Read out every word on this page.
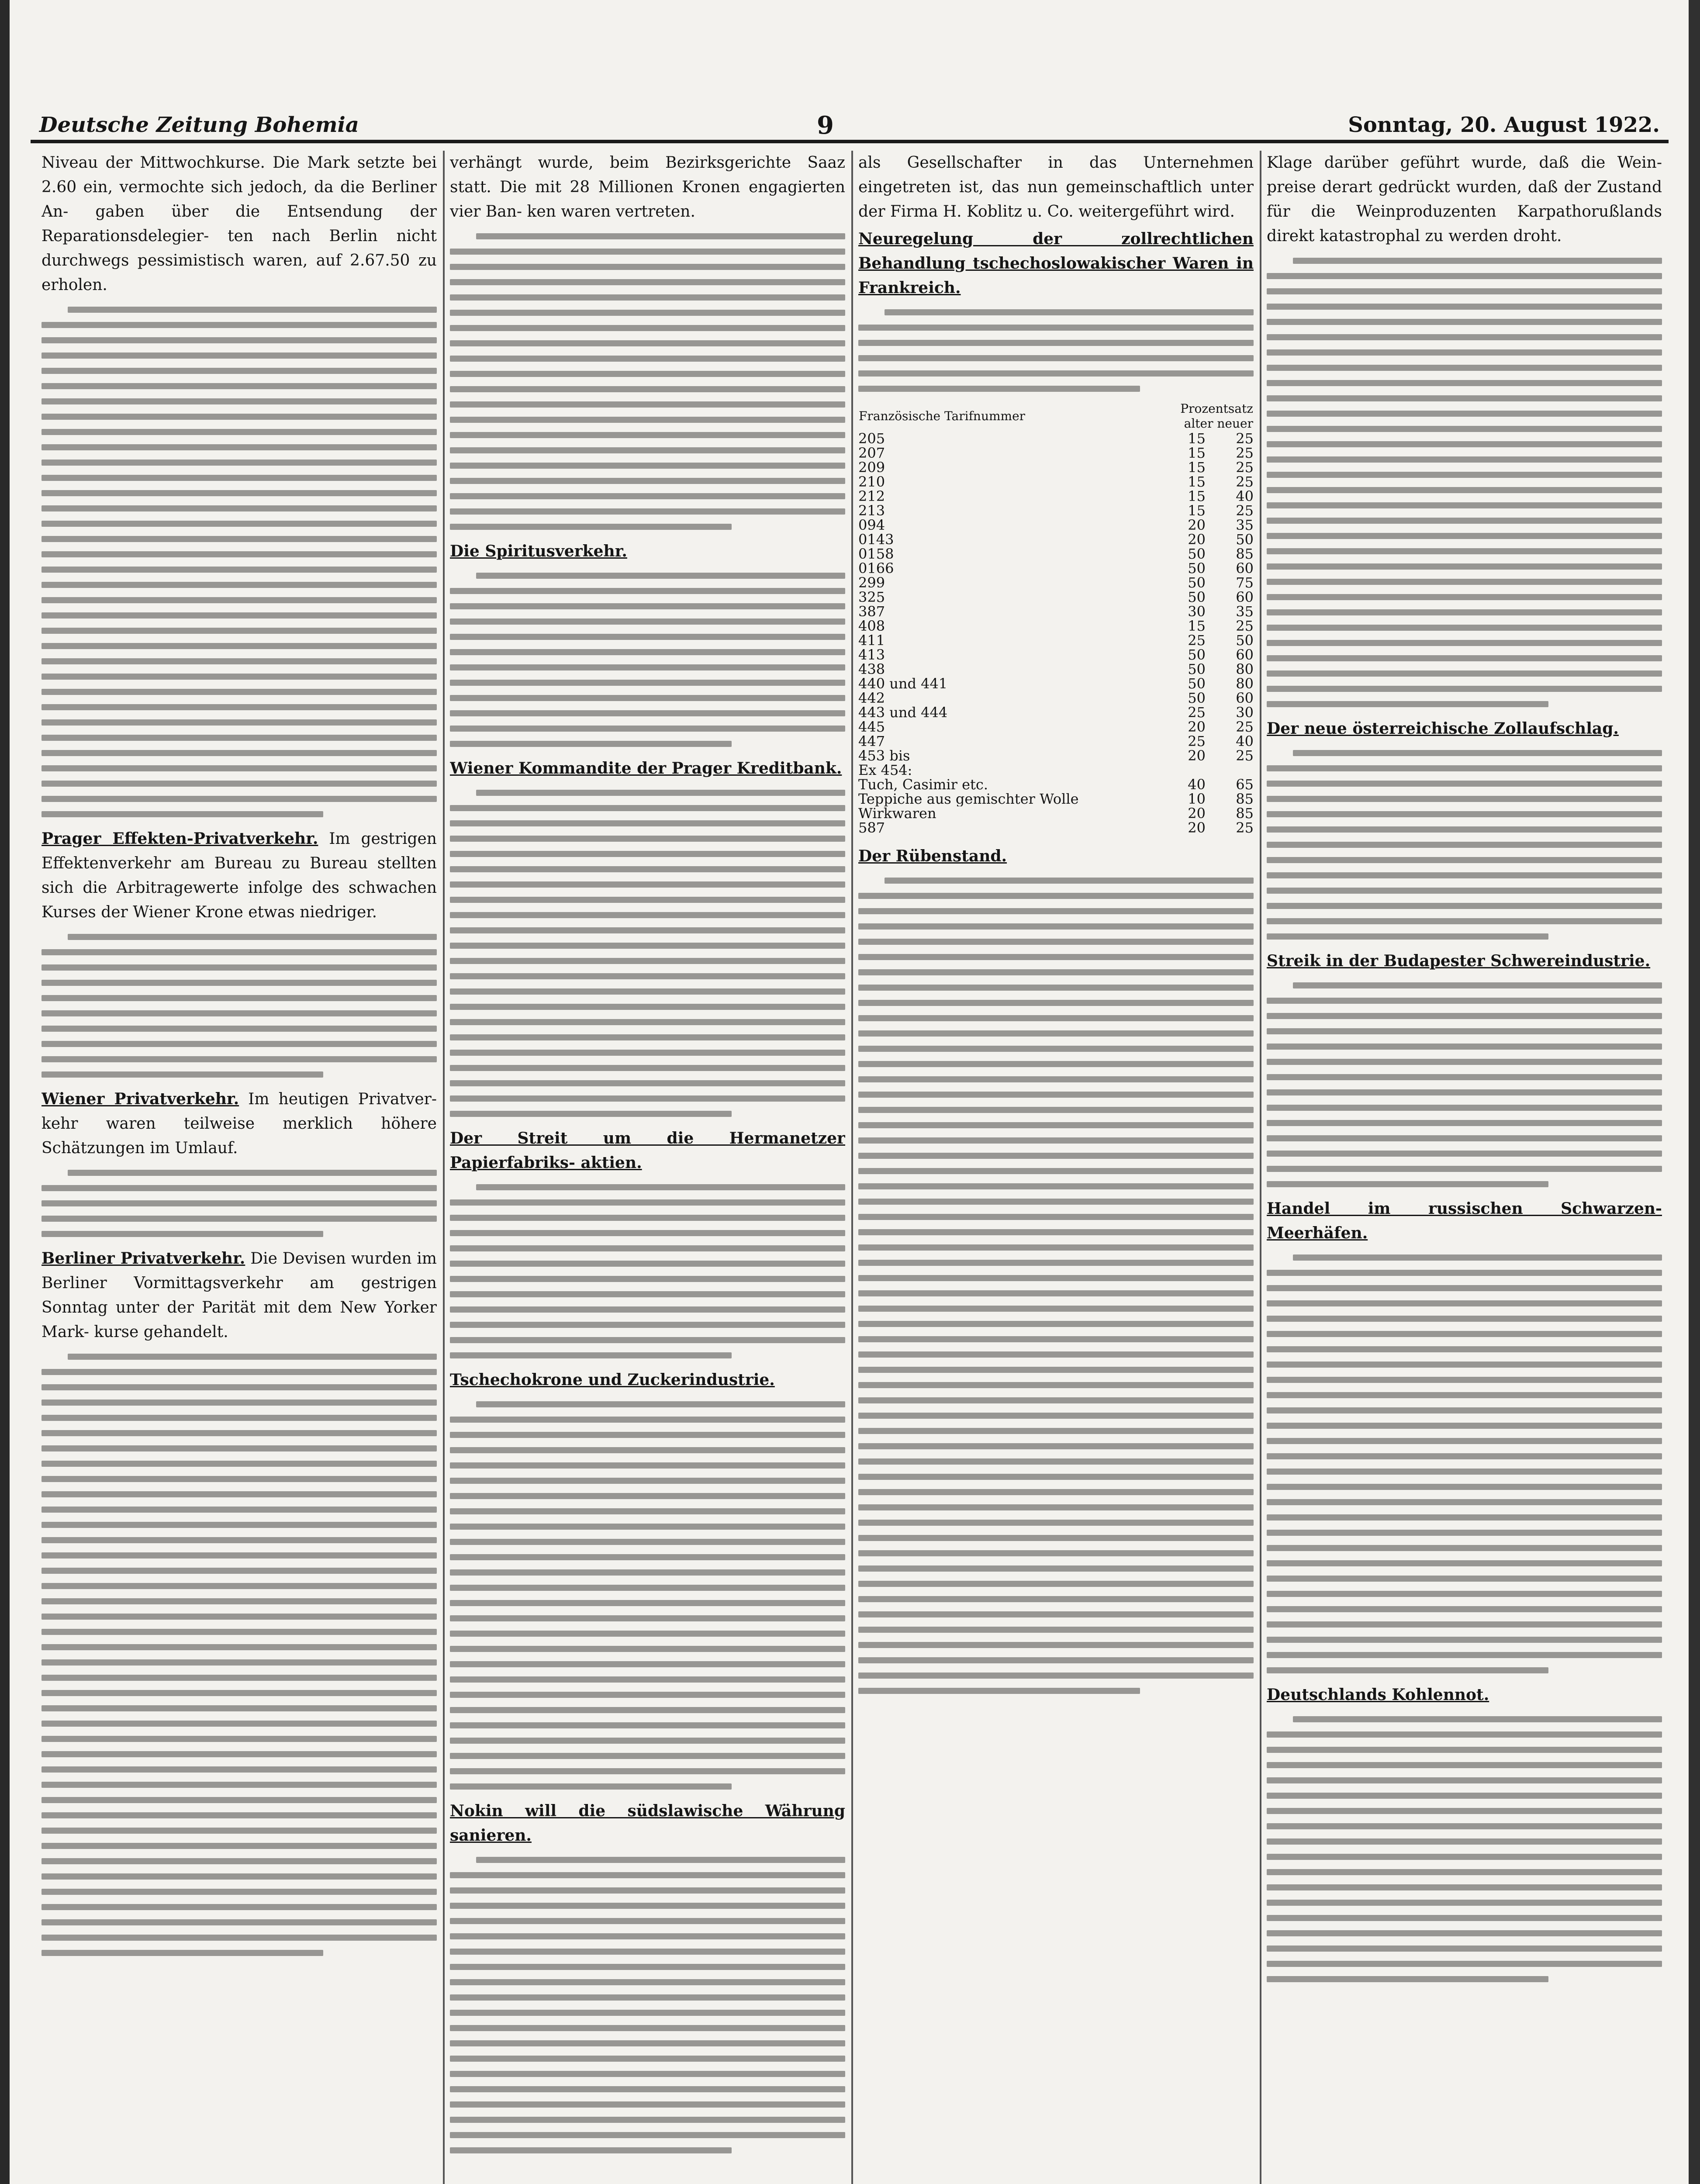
Deutsche Zeitung Bohemia	9	Sonntag, 20. August 1922.

Niveau der Mittwochkurse. Die Mark setzte bei 2.60 ein, vermochte sich jedoch, da die Berliner An- gaben über die Entsendung der Reparationsdelegier- ten nach Berlin nicht durchwegs pessimistisch waren, auf 2.67.50 zu erholen.

Prager Effekten-Privatverkehr. Im gestrigen Effektenverkehr am Bureau zu Bureau stellten sich die Arbitragewerte infolge des schwachen Kurses der Wiener Krone etwas niedriger.

Wiener Privatverkehr. Im heutigen Privatver- kehr waren teilweise merklich höhere Schätzungen im Umlauf.

Berliner Privatverkehr. Die Devisen wurden im Berliner Vormittagsverkehr am gestrigen Sonntag unter der Parität mit dem New Yorker Mark- kurse gehandelt.

verhängt wurde, beim Bezirksgerichte Saaz statt. Die mit 28 Millionen Kronen engagierten vier Ban- ken waren vertreten.

Die Spiritusverkehr.

Wiener Kommandite der Prager Kreditbank.

Der Streit um die Hermanetzer Papierfabriks- aktien.

Tschechokrone und Zuckerindustrie.

Nokin will die südslawische Währung sanieren.

als Gesellschafter in das Unternehmen eingetreten ist, das nun gemeinschaftlich unter der Firma H. Koblitz u. Co. weitergeführt wird.

Neuregelung der zollrechtlichen Behandlung tschechoslowakischer Waren in Frankreich.

Französische Tarifnummer	Prozentsatz alter neuer	
205	15	25
207	15	25
209	15	25
210	15	25
212	15	40
213	15	25
094	20	35
0143	20	50
0158	50	85
0166	50	60
299	50	75
325	50	60
387	30	35
408	15	25
411	25	50
413	50	60
438	50	80
440 und 441	50	80
442	50	60
443 und 444	25	30
445	20	25
447	25	40
453 bis	20	25
Ex 454:		
Tuch, Casimir etc.	40	65
Teppiche aus gemischter Wolle	10	85
Wirkwaren	20	85
587	20	25

Der Rübenstand.

Klage darüber geführt wurde, daß die Wein- preise derart gedrückt wurden, daß der Zustand für die Weinproduzenten Karpathorußlands direkt katastrophal zu werden droht.

Der neue österreichische Zollaufschlag.

Streik in der Budapester Schwereindustrie.

Handel im russischen Schwarzen-Meerhäfen.

Deutschlands Kohlennot.
